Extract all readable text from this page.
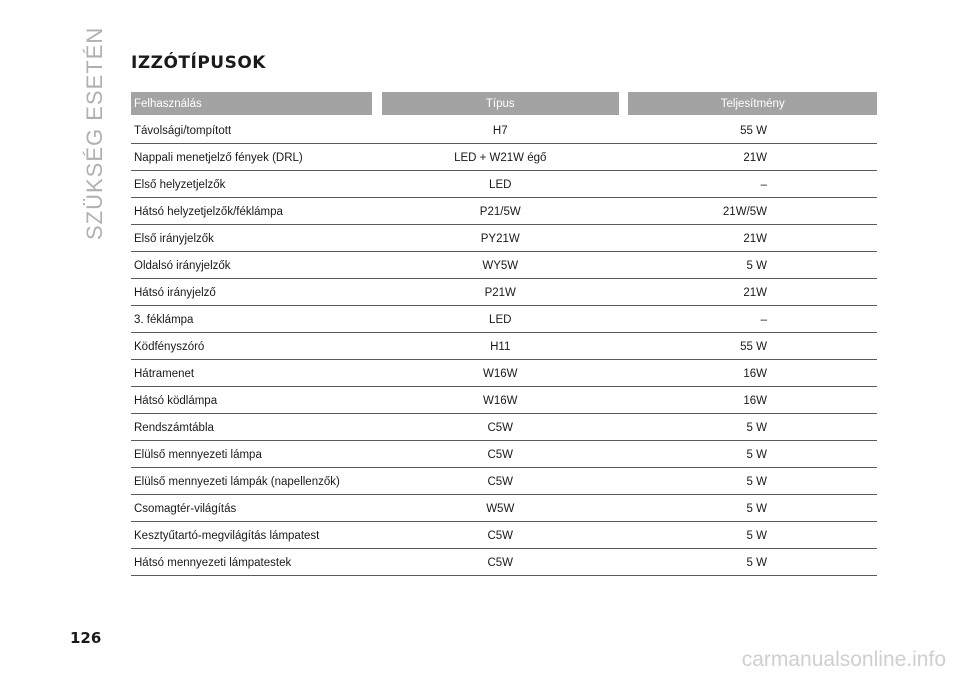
SZÜKSÉG ESETÉN IZZÓTÍPUSOK
Felhasználás		Típus		Teljesítmény
Távolsági/tompított		H7		55 W
Nappali menetjelző fények (DRL)		LED + W21W égő		21W
Első helyzetjelzők		LED		–
Hátsó helyzetjelzők/féklámpa		P21/5W		21W/5W
Első irányjelzők		PY21W		21W
Oldalsó irányjelzők		WY5W		5 W
Hátsó irányjelző		P21W		21W
3. féklámpa		LED		–
Ködfényszóró		H11		55 W
Hátramenet		W16W		16W
Hátsó ködlámpa		W16W		16W
Rendszámtábla		C5W		5 W
Elülső mennyezeti lámpa		C5W		5 W
Elülső mennyezeti lámpák (napellenzők)		C5W		5 W
Csomagtér-világítás		W5W		5 W
Kesztyűtartó-megvilágítás lámpatest		C5W		5 W
Hátsó mennyezeti lámpatestek		C5W		5 W
126
carmanualsonline.info
